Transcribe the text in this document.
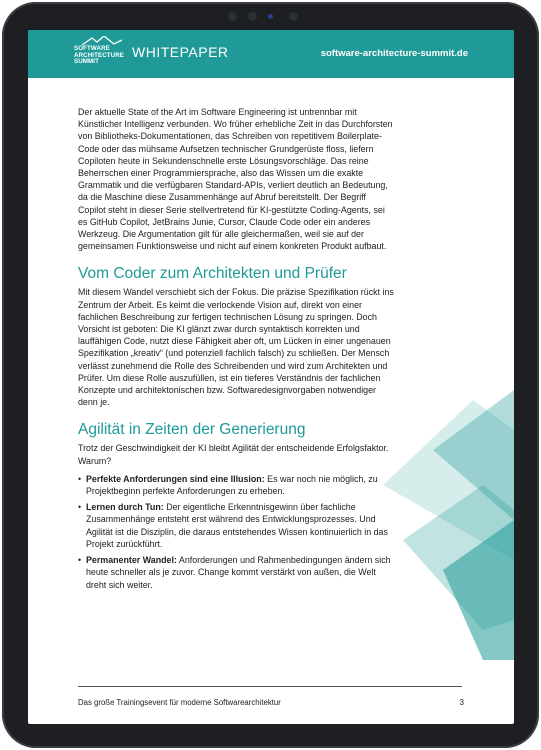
SOFTWARE
ARCHITECTURE
SUMMIT
WHITEPAPER	software-architecture-summit.de

Der aktuelle State of the Art im Software Engineering ist untrennbar mit Künstlicher Intelligenz verbunden. Wo früher erhebliche Zeit in das Durchforsten von Bibliotheks-Dokumentationen, das Schreiben von repetitivem Boilerplate-Code oder das mühsame Aufsetzen technischer Grundgerüste floss, liefern Copiloten heute in Sekundenschnelle erste Lösungsvorschläge. Das reine Beherrschen einer Programmiersprache, also das Wissen um die exakte Grammatik und die verfügbaren Standard-APIs, verliert deutlich an Bedeutung, da die Maschine diese Zusammenhänge auf Abruf bereitstellt. Der Begriff Copilot steht in dieser Serie stellvertretend für KI-gestützte Coding-Agents, sei es GitHub Copilot, JetBrains Junie, Cursor, Claude Code oder ein anderes Werkzeug. Die Argumentation gilt für alle gleichermaßen, weil sie auf der gemeinsamen Funktionsweise und nicht auf einem konkreten Produkt aufbaut.

Vom Coder zum Architekten und Prüfer

Mit diesem Wandel verschiebt sich der Fokus. Die präzise Spezifikation rückt ins Zentrum der Arbeit. Es keimt die verlockende Vision auf, direkt von einer fachlichen Beschreibung zur fertigen technischen Lösung zu springen. Doch Vorsicht ist geboten: Die KI glänzt zwar durch syntaktisch korrekten und lauffähigen Code, nutzt diese Fähigkeit aber oft, um Lücken in einer ungenauen Spezifikation „kreativ“ (und potenziell fachlich falsch) zu schließen. Der Mensch verlässt zunehmend die Rolle des Schreibenden und wird zum Architekten und Prüfer. Um diese Rolle auszufüllen, ist ein tieferes Verständnis der fachlichen Konzepte und architektonischen bzw. Softwaredesignvorgaben notwendiger denn je.

Agilität in Zeiten der Generierung

Trotz der Geschwindigkeit der KI bleibt Agilität der entscheidende Erfolgsfaktor. Warum?

• Perfekte Anforderungen sind eine Illusion: Es war noch nie möglich, zu Projektbeginn perfekte Anforderungen zu erheben.
• Lernen durch Tun: Der eigentliche Erkenntnisgewinn über fachliche Zusammenhänge entsteht erst während des Entwicklungsprozesses. Und Agilität ist die Disziplin, die daraus entstehendes Wissen kontinuierlich in das Projekt zurückführt.
• Permanenter Wandel: Anforderungen und Rahmenbedingungen ändern sich heute schneller als je zuvor. Change kommt verstärkt von außen, die Welt dreht sich weiter.
Das große Trainingsevent für moderne Softwarearchitektur	3
